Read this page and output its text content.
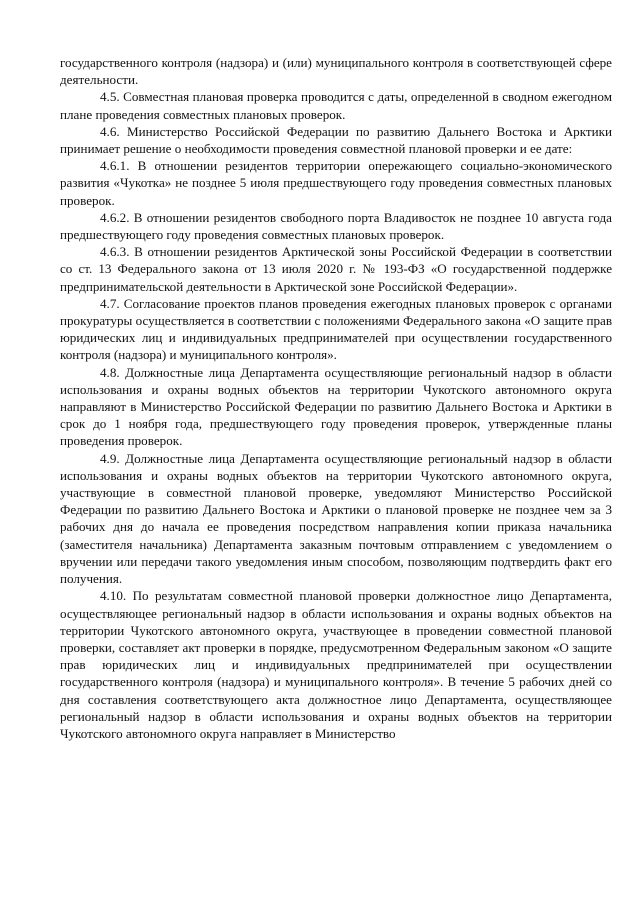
государственного контроля (надзора) и (или) муниципального контроля в соответствующей сфере деятельности.

4.5. Совместная плановая проверка проводится с даты, определенной в сводном ежегодном плане проведения совместных плановых проверок.

4.6. Министерство Российской Федерации по развитию Дальнего Востока и Арктики принимает решение о необходимости проведения совместной плановой проверки и ее дате:

4.6.1. В отношении резидентов территории опережающего социально-экономического развития «Чукотка» не позднее 5 июля предшествующего году проведения совместных плановых проверок.

4.6.2. В отношении резидентов свободного порта Владивосток не позднее 10 августа года предшествующего году проведения совместных плановых проверок.

4.6.3. В отношении резидентов Арктической зоны Российской Федерации в соответствии со ст. 13 Федерального закона от 13 июля 2020 г. № 193-ФЗ «О государственной поддержке предпринимательской деятельности в Арктической зоне Российской Федерации».

4.7. Согласование проектов планов проведения ежегодных плановых проверок с органами прокуратуры осуществляется в соответствии с положениями Федерального закона «О защите прав юридических лиц и индивидуальных предпринимателей при осуществлении государственного контроля (надзора) и муниципального контроля».

4.8. Должностные лица Департамента осуществляющие региональный надзор в области использования и охраны водных объектов на территории Чукотского автономного округа направляют в Министерство Российской Федерации по развитию Дальнего Востока и Арктики в срок до 1 ноября года, предшествующего году проведения проверок, утвержденные планы проведения проверок.

4.9. Должностные лица Департамента осуществляющие региональный надзор в области использования и охраны водных объектов на территории Чукотского автономного округа, участвующие в совместной плановой проверке, уведомляют Министерство Российской Федерации по развитию Дальнего Востока и Арктики о плановой проверке не позднее чем за 3 рабочих дня до начала ее проведения посредством направления копии приказа начальника (заместителя начальника) Департамента заказным почтовым отправлением с уведомлением о вручении или передачи такого уведомления иным способом, позволяющим подтвердить факт его получения.

4.10. По результатам совместной плановой проверки должностное лицо Департамента, осуществляющее региональный надзор в области использования и охраны водных объектов на территории Чукотского автономного округа, участвующее в проведении совместной плановой проверки, составляет акт проверки в порядке, предусмотренном Федеральным законом «О защите прав юридических лиц и индивидуальных предпринимателей при осуществлении государственного контроля (надзора) и муниципального контроля». В течение 5 рабочих дней со дня составления соответствующего акта должностное лицо Департамента, осуществляющее региональный надзор в области использования и охраны водных объектов на территории Чукотского автономного округа направляет в Министерство
